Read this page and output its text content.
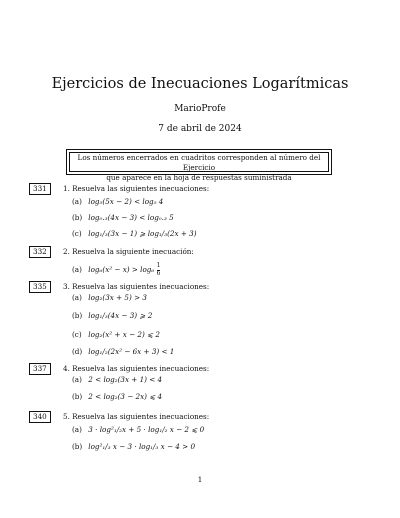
Ejercicios de Inecuaciones Logarítmicas
MarioProfe
7 de abril de 2024
Los números encerrados en cuadritos corresponden al número del Ejercicio
que aparece en la hoja de respuestas suministrada
331	1. Resuelva las siguientes inecuaciones:
(a) log₅(5x − 2) < log₅ 4
(b) log₀.₃(4x − 3) < log₀.₃ 5
(c) log₁/₃(3x − 1) ⩾ log₁/₃(2x + 3)
332	2. Resuelva la siguiente inecuación:
(a) $\log_6(x^2 - x) > \log_6 \frac{1}{6}$
335	3. Resuelva las siguientes inecuaciones:
(a) log₂(3x + 5) > 3
(b) log₁/₃(4x − 3) ⩾ 2
(c) log₂(x² + x − 2) ⩽ 2
(d) log₁/₂(2x² − 6x + 3) < 1
337	4. Resuelva las siguientes inecuaciones:
(a) 2 < log₂(3x + 1) < 4
(b) 2 < log₂(3 − 2x) ⩽ 4
340	5. Resuelva las siguientes inecuaciones:
(a) 3 · log²₁/₂x + 5 · log₁/₂ x − 2 ⩽ 0
(b) log²₁/₃ x − 3 · log₁/₃ x − 4 > 0
1
